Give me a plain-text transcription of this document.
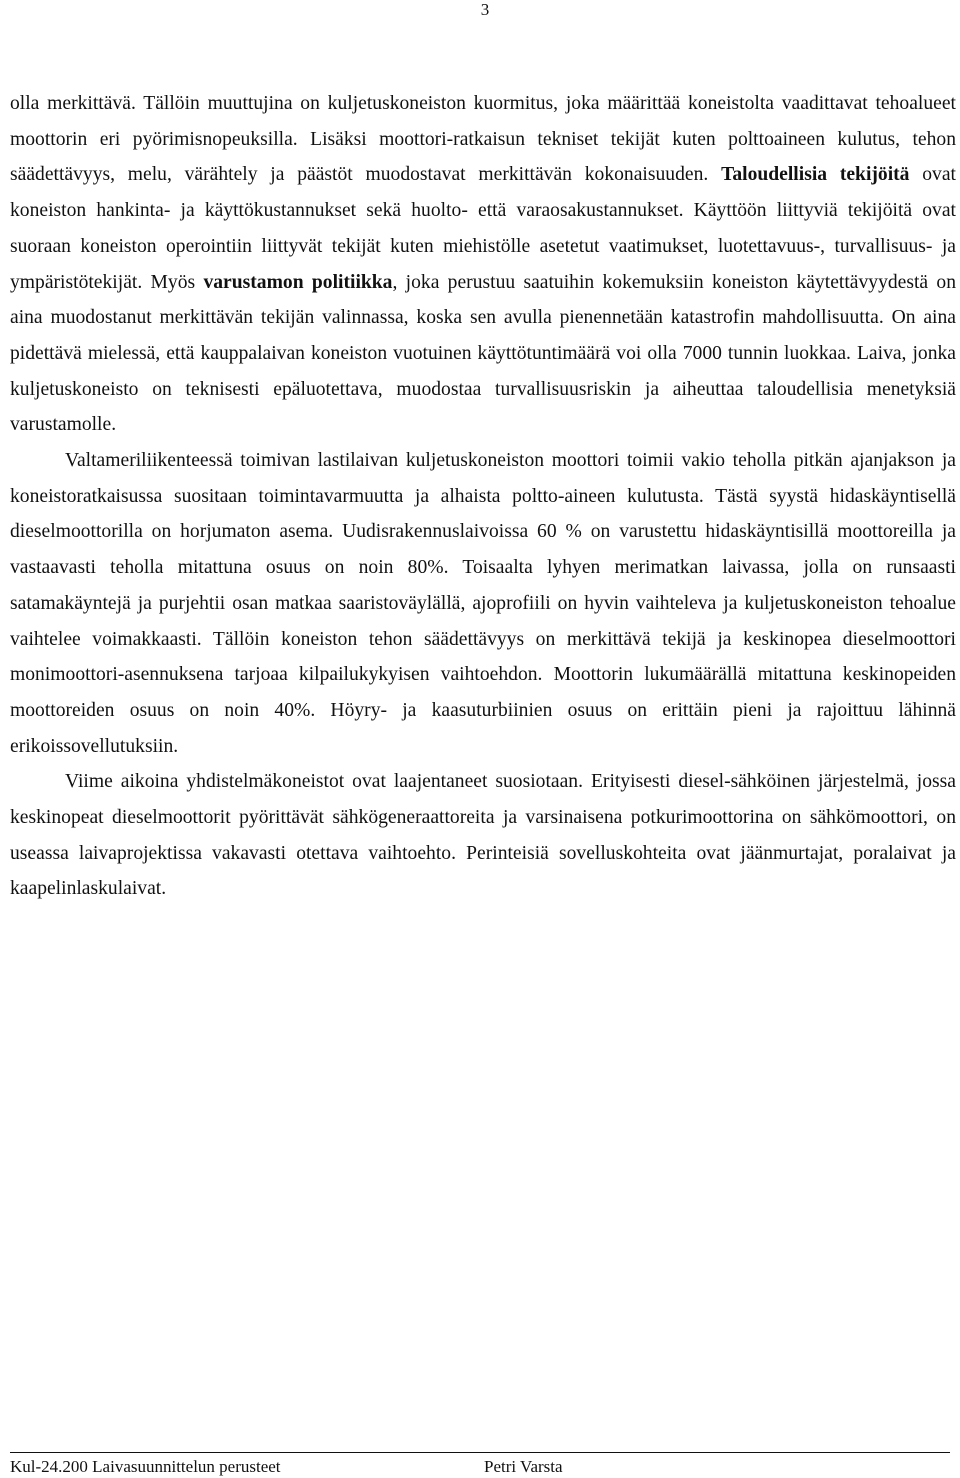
3

olla merkittävä. Tällöin muuttujina on kuljetuskoneiston kuormitus, joka määrittää koneistolta vaadittavat tehoalueet moottorin eri pyörimisnopeuksilla. Lisäksi moottori-ratkaisun tekniset tekijät kuten polttoaineen kulutus, tehon säädettävyys, melu, värähtely ja päästöt muodostavat merkittävän kokonaisuuden. Taloudellisia tekijöitä ovat koneiston hankinta- ja käyttökustannukset sekä huolto- että varaosakustannukset. Käyttöön liittyviä tekijöitä ovat suoraan koneiston operointiin liittyvät tekijät kuten miehistölle asetetut vaatimukset, luotettavuus-, turvallisuus- ja ympäristötekijät. Myös varustamon politiikka, joka perustuu saatuihin kokemuksiin koneiston käytettävyydestä on aina muodostanut merkittävän tekijän valinnassa, koska sen avulla pienennetään katastrofin mahdollisuutta. On aina pidettävä mielessä, että kauppalaivan koneiston vuotuinen käyttötuntimäärä voi olla 7000 tunnin luokkaa. Laiva, jonka kuljetuskoneisto on teknisesti epäluotettava, muodostaa turvallisuusriskin ja aiheuttaa taloudellisia menetyksiä varustamolle.

Valtameriliikenteessä toimivan lastilaivan kuljetuskoneiston moottori toimii vakio teholla pitkän ajanjakson ja koneistoratkaisussa suositaan toimintavarmuutta ja alhaista poltto-aineen kulutusta. Tästä syystä hidaskäyntisellä dieselmoottorilla on horjumaton asema. Uudisrakennuslaivoissa 60 % on varustettu hidaskäyntisillä moottoreilla ja vastaavasti teholla mitattuna osuus on noin 80%. Toisaalta lyhyen merimatkan laivassa, jolla on runsaasti satamakäyntejä ja purjehtii osan matkaa saaristoväylällä, ajoprofiili on hyvin vaihteleva ja kuljetuskoneiston tehoalue vaihtelee voimakkaasti. Tällöin koneiston tehon säädettävyys on merkittävä tekijä ja keskinopea dieselmoottori monimoottori-asennuksena tarjoaa kilpailukykyisen vaihtoehdon. Moottorin lukumäärällä mitattuna keskinopeiden moottoreiden osuus on noin 40%. Höyry- ja kaasuturbiinien osuus on erittäin pieni ja rajoittuu lähinnä erikoissovellutuksiin.

Viime aikoina yhdistelmäkoneistot ovat laajentaneet suosiotaan. Erityisesti diesel-sähköinen järjestelmä, jossa keskinopeat dieselmoottorit pyörittävät sähkögeneraattoreita ja varsinaisena potkurimoottorina on sähkömoottori, on useassa laivaprojektissa vakavasti otettava vaihtoehto. Perinteisiä sovelluskohteita ovat jäänmurtajat, poralaivat ja kaapelinlaskulaivat.

Kul-24.200 Laivasuunnittelun perusteet	Petri Varsta
